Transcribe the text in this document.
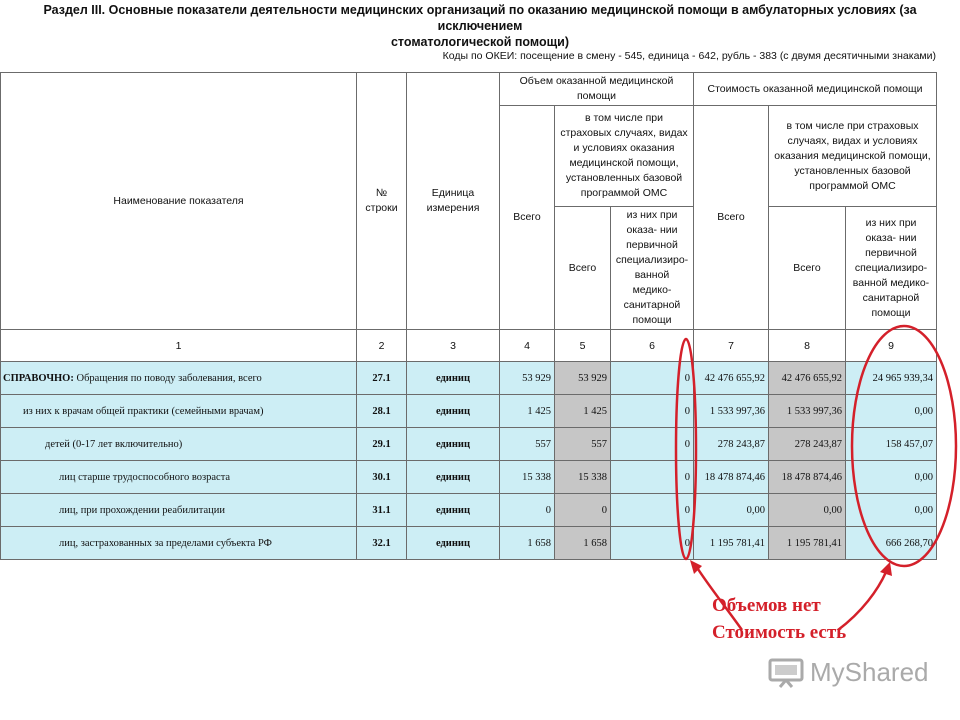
Раздел III. Основные показатели деятельности медицинских организаций по оказанию медицинской помощи в амбулаторных условиях (за исключением
стоматологической помощи)
Коды по ОКЕИ: посещение в смену - 545, единица - 642, рубль - 383 (с двумя десятичными знаками)
Наименование показателя	№ строки	Единица измерения	Объем оказанной медицинской помощи			Стоимость оказанной медицинской помощи		
			Всего	в том числе при страховых случаях, видах и условиях оказания медицинской помощи, установленных базовой программой ОМС		Всего	в том числе при страховых случаях, видах и условиях оказания медицинской помощи, установленных базовой программой ОМС	
				Всего	из них при оказа- нии первичной специализиро- ванной медико- санитарной помощи		Всего	из них при оказа- нии первичной специализиро- ванной медико- санитарной помощи
1	2	3	4	5	6	7	8	9
СПРАВОЧНО: Обращения по поводу заболевания, всего	27.1	единиц	53 929	53 929	0	42 476 655,92	42 476 655,92	24 965 939,34
из них к врачам общей практики (семейными врачам)	28.1	единиц	1 425	1 425	0	1 533 997,36	1 533 997,36	0,00
детей (0-17 лет включительно)	29.1	единиц	557	557	0	278 243,87	278 243,87	158 457,07
лиц старше трудоспособного возраста	30.1	единиц	15 338	15 338	0	18 478 874,46	18 478 874,46	0,00
лиц, при прохождении реабилитации	31.1	единиц	0	0	0	0,00	0,00	0,00
лиц, застрахованных за пределами субъекта РФ	32.1	единиц	1 658	1 658	0	1 195 781,41	1 195 781,41	666 268,70
Объемов нет
Стоимость есть
MyShared
